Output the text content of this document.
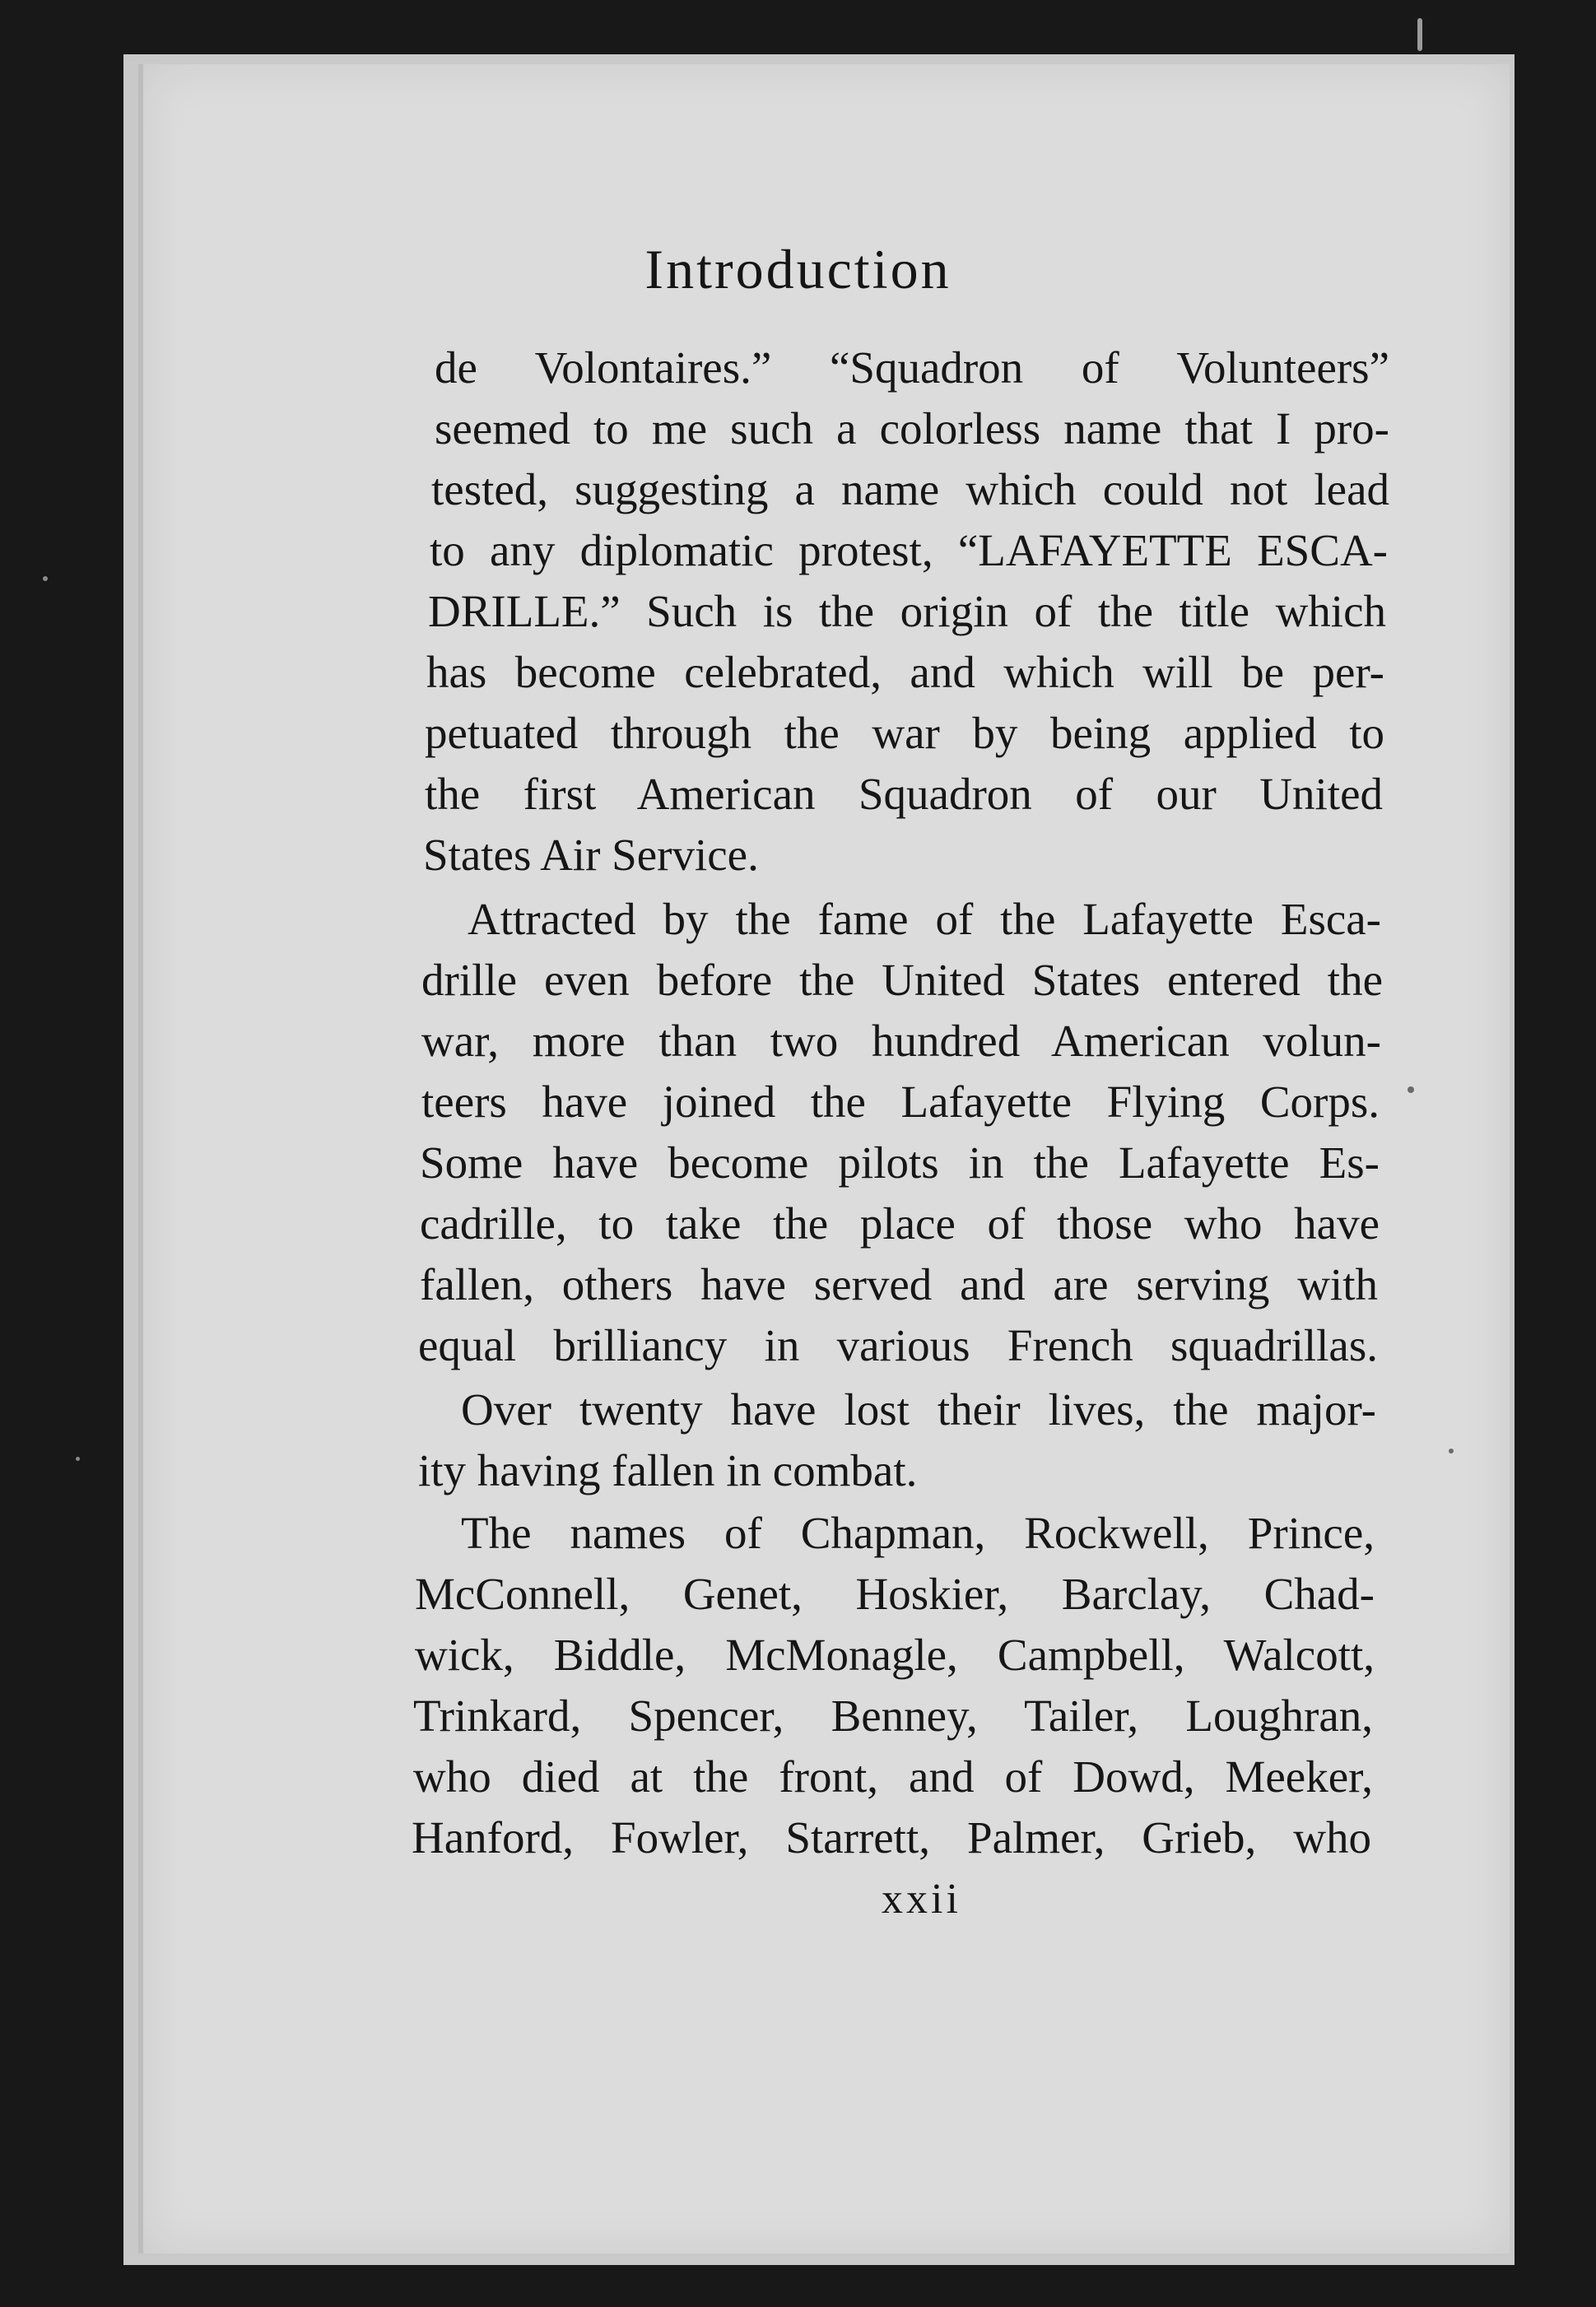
Introduction
de Volontaires.” “Squadron of Volunteers”
seemed to me such a colorless name that I pro-
tested, suggesting a name which could not lead
to any diplomatic protest, “LAFAYETTE ESCA-
DRILLE.” Such is the origin of the title which
has become celebrated, and which will be per-
petuated through the war by being applied to
the first American Squadron of our United
States Air Service.
Attracted by the fame of the Lafayette Esca-
drille even before the United States entered the
war, more than two hundred American volun-
teers have joined the Lafayette Flying Corps.
Some have become pilots in the Lafayette Es-
cadrille, to take the place of those who have
fallen, others have served and are serving with
equal brilliancy in various French squadrillas.
Over twenty have lost their lives, the major-
ity having fallen in combat.
The names of Chapman, Rockwell, Prince,
McConnell, Genet, Hoskier, Barclay, Chad-
wick, Biddle, McMonagle, Campbell, Walcott,
Trinkard, Spencer, Benney, Tailer, Loughran,
who died at the front, and of Dowd, Meeker,
Hanford, Fowler, Starrett, Palmer, Grieb, who
xxii
